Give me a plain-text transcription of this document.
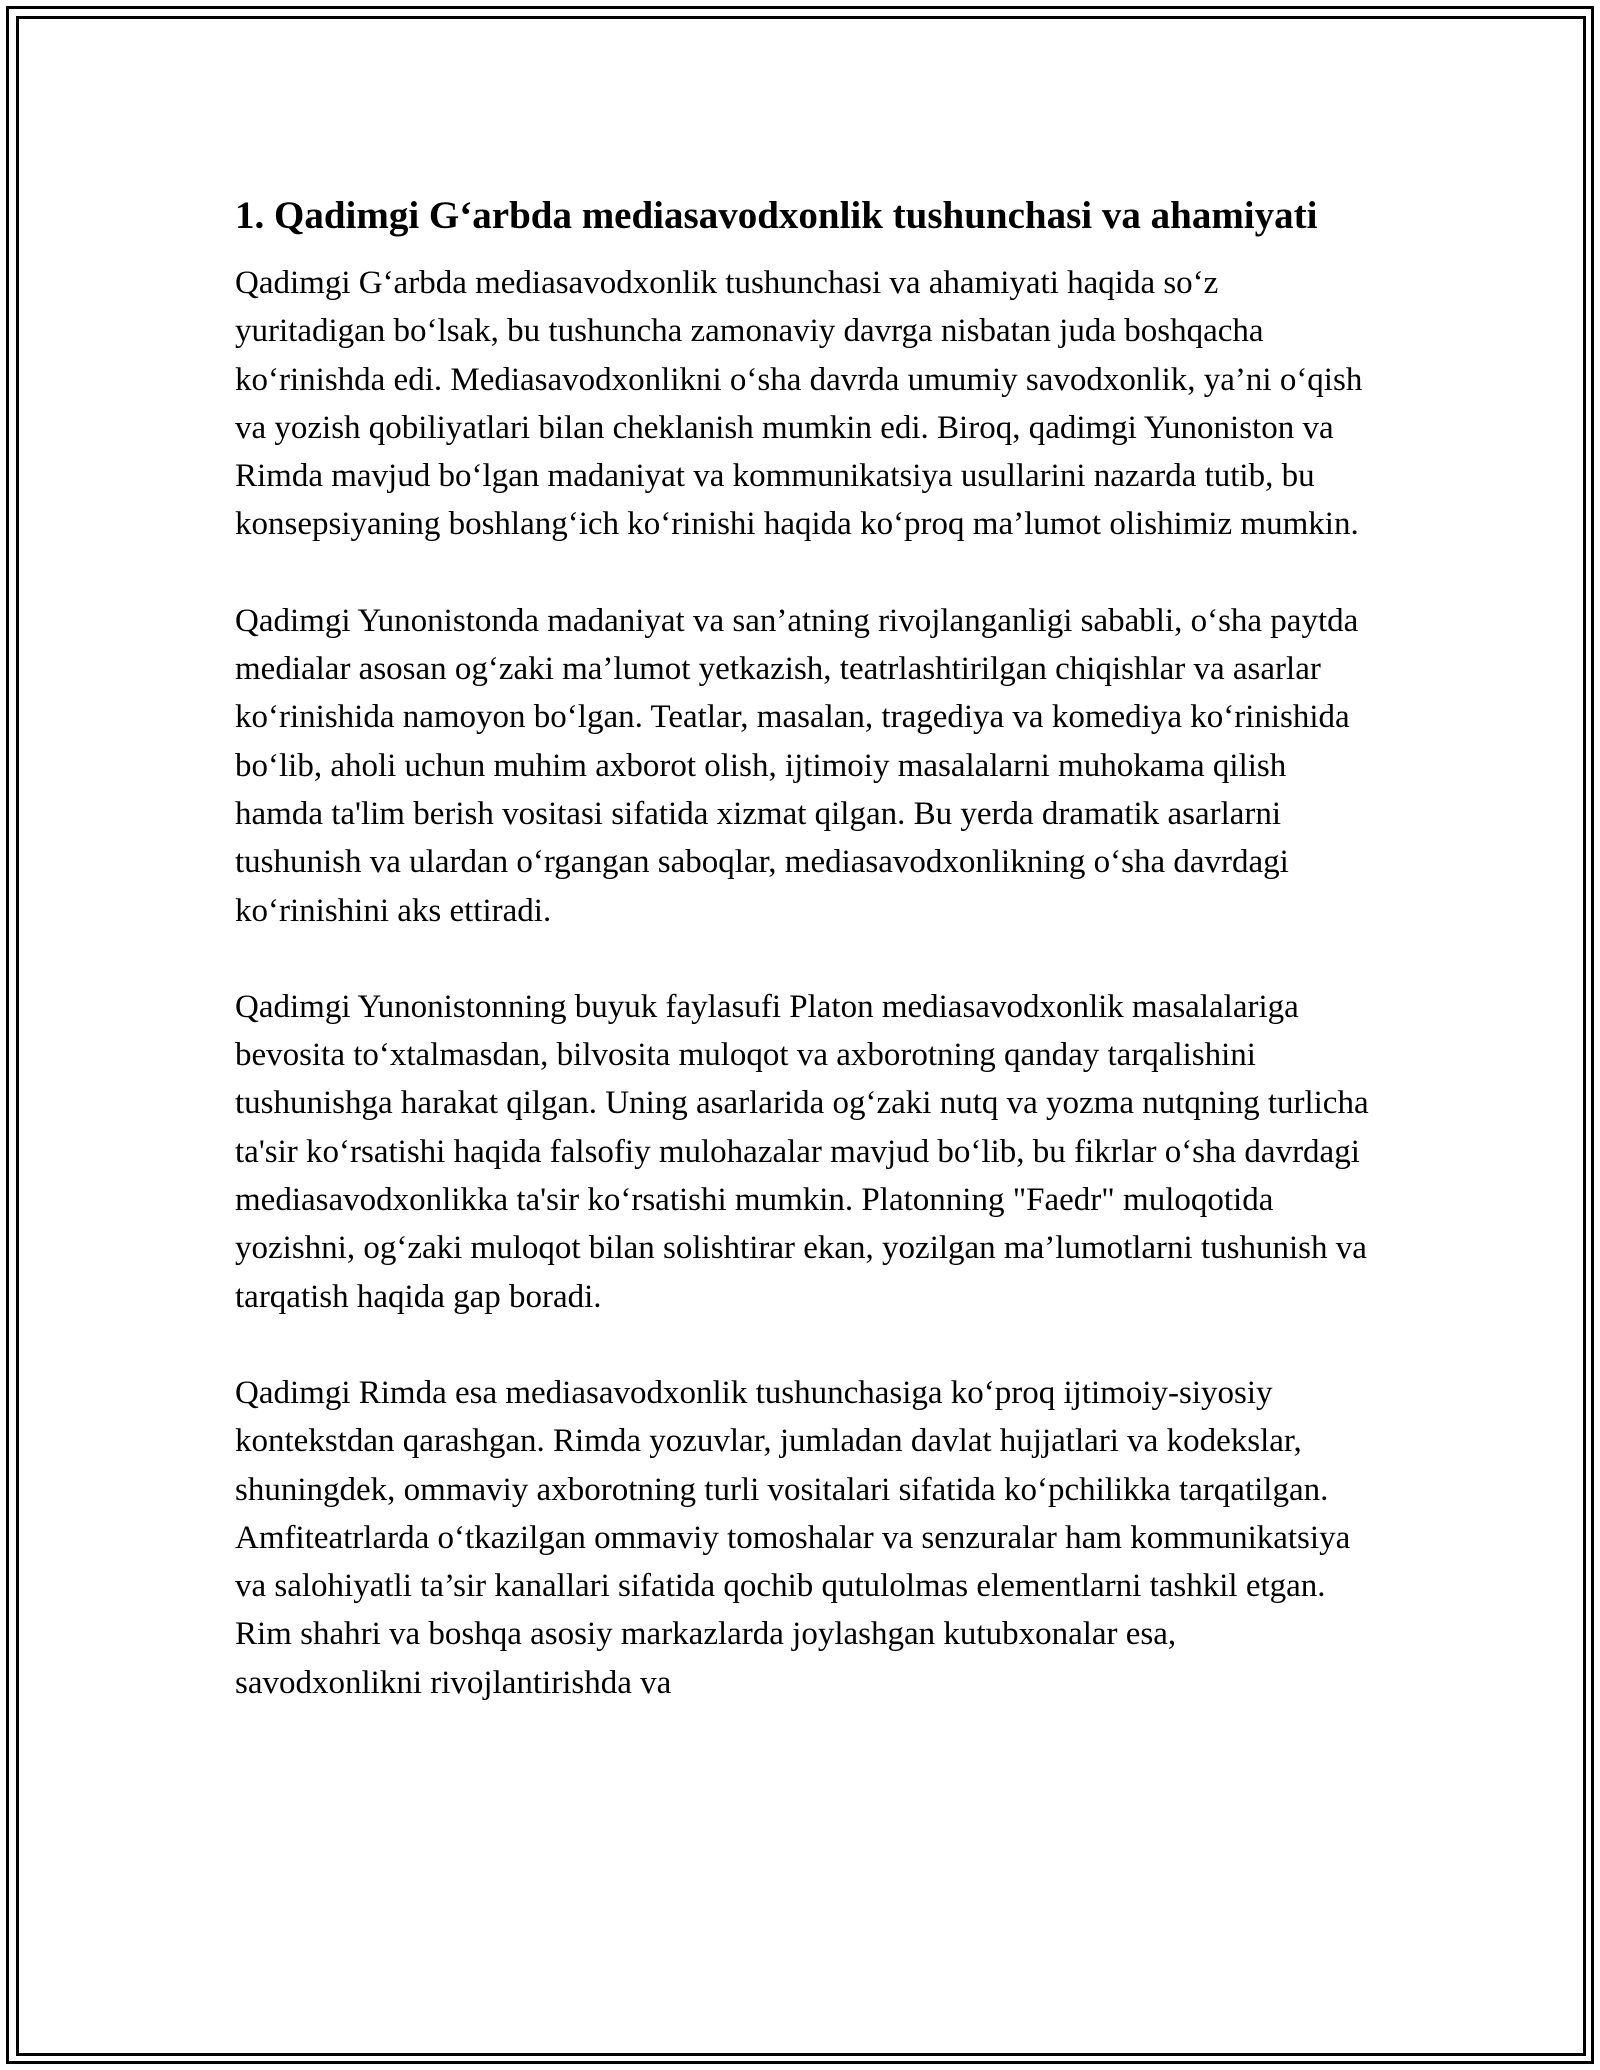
1. Qadimgi G‘arbda mediasavodxonlik tushunchasi va ahamiyati

Qadimgi G‘arbda mediasavodxonlik tushunchasi va ahamiyati haqida so‘z yuritadigan bo‘lsak, bu tushuncha zamonaviy davrga nisbatan juda boshqacha ko‘rinishda edi. Mediasavodxonlikni o‘sha davrda umumiy savodxonlik, ya’ni o‘qish va yozish qobiliyatlari bilan cheklanish mumkin edi. Biroq, qadimgi Yunoniston va Rimda mavjud bo‘lgan madaniyat va kommunikatsiya usullarini nazarda tutib, bu konsepsiyaning boshlang‘ich ko‘rinishi haqida ko‘proq ma’lumot olishimiz mumkin.

Qadimgi Yunonistonda madaniyat va san’atning rivojlanganligi sababli, o‘sha paytda medialar asosan og‘zaki ma’lumot yetkazish, teatrlashtirilgan chiqishlar va asarlar ko‘rinishida namoyon bo‘lgan. Teatlar, masalan, tragediya va komediya ko‘rinishida bo‘lib, aholi uchun muhim axborot olish, ijtimoiy masalalarni muhokama qilish hamda ta'lim berish vositasi sifatida xizmat qilgan. Bu yerda dramatik asarlarni tushunish va ulardan o‘rgangan saboqlar, mediasavodxonlikning o‘sha davrdagi ko‘rinishini aks ettiradi.

Qadimgi Yunonistonning buyuk faylasufi Platon mediasavodxonlik masalalariga bevosita to‘xtalmasdan, bilvosita muloqot va axborotning qanday tarqalishini tushunishga harakat qilgan. Uning asarlarida og‘zaki nutq va yozma nutqning turlicha ta'sir ko‘rsatishi haqida falsofiy mulohazalar mavjud bo‘lib, bu fikrlar o‘sha davrdagi mediasavodxonlikka ta'sir ko‘rsatishi mumkin. Platonning "Faedr" muloqotida yozishni, og‘zaki muloqot bilan solishtirar ekan, yozilgan ma’lumotlarni tushunish va tarqatish haqida gap boradi.

Qadimgi Rimda esa mediasavodxonlik tushunchasiga ko‘proq ijtimoiy-siyosiy kontekstdan qarashgan. Rimda yozuvlar, jumladan davlat hujjatlari va kodekslar, shuningdek, ommaviy axborotning turli vositalari sifatida ko‘pchilikka tarqatilgan. Amfiteatrlarda o‘tkazilgan ommaviy tomoshalar va senzuralar ham kommunikatsiya va salohiyatli ta’sir kanallari sifatida qochib qutulolmas elementlarni tashkil etgan. Rim shahri va boshqa asosiy markazlarda joylashgan kutubxonalar esa, savodxonlikni rivojlantirishda va
